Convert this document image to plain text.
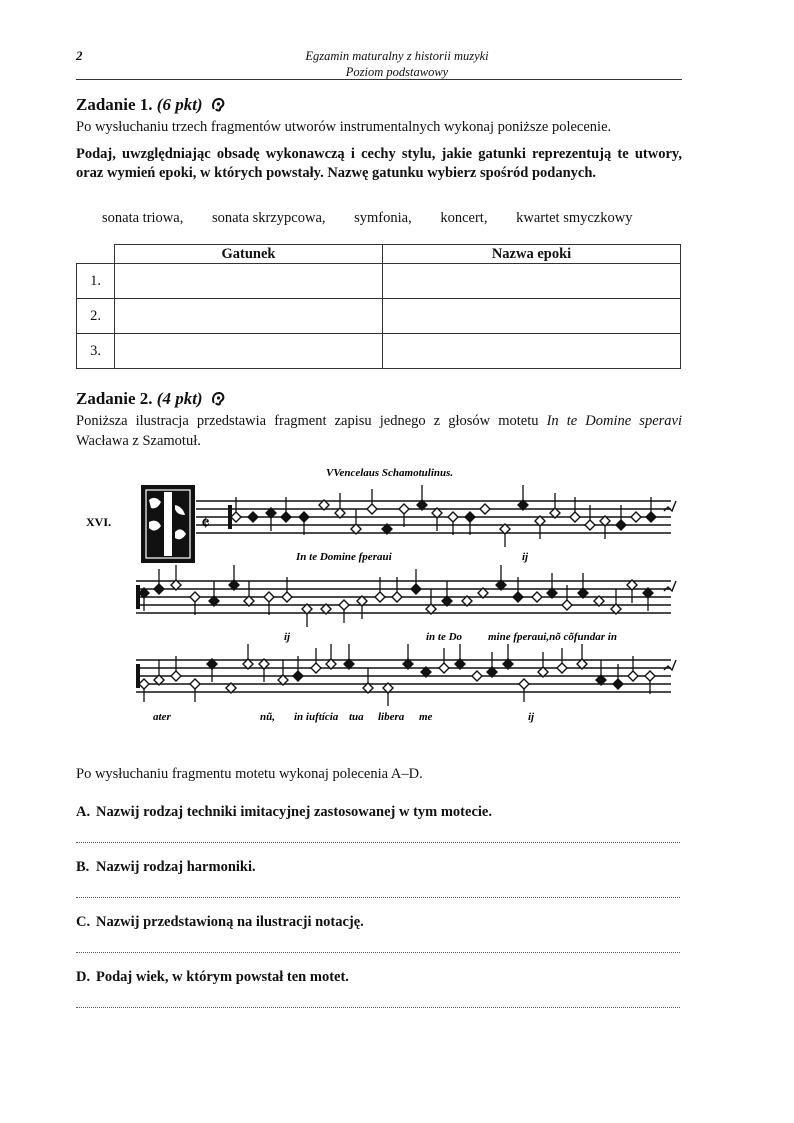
2	Egzamin maturalny z historii muzyki
Poziom podstawowy
Zadanie 1. (6 pkt)
Po wysłuchaniu trzech fragmentów utworów instrumentalnych wykonaj poniższe polecenie.
Podaj, uwzględniając obsadę wykonawczą i cechy stylu, jakie gatunki reprezentują te utwory, oraz wymień epoki, w których powstały. Nazwę gatunku wybierz spośród podanych.
sonata triowa, sonata skrzypcowa, symfonia, koncert, kwartet smyczkowy
	Gatunek	Nazwa epoki
1.		
2.		
3.		
Zadanie 2. (4 pkt)
Poniższa ilustracja przedstawia fragment zapisu jednego z głosów motetu In te Domine speravi Wacława z Szamotuł.
VVencelaus Schamotulinus.
XVI.	𝄵
In te Domine fperaui	ij
ij	in te Do mine fperaui,nõ cõfundar in
ater	nũ, in iuftícia tua libera me	ij
Po wysłuchaniu fragmentu motetu wykonaj polecenia A–D.
A. Nazwij rodzaj techniki imitacyjnej zastosowanej w tym motecie.
B. Nazwij rodzaj harmoniki.
C. Nazwij przedstawioną na ilustracji notację.
D. Podaj wiek, w którym powstał ten motet.
